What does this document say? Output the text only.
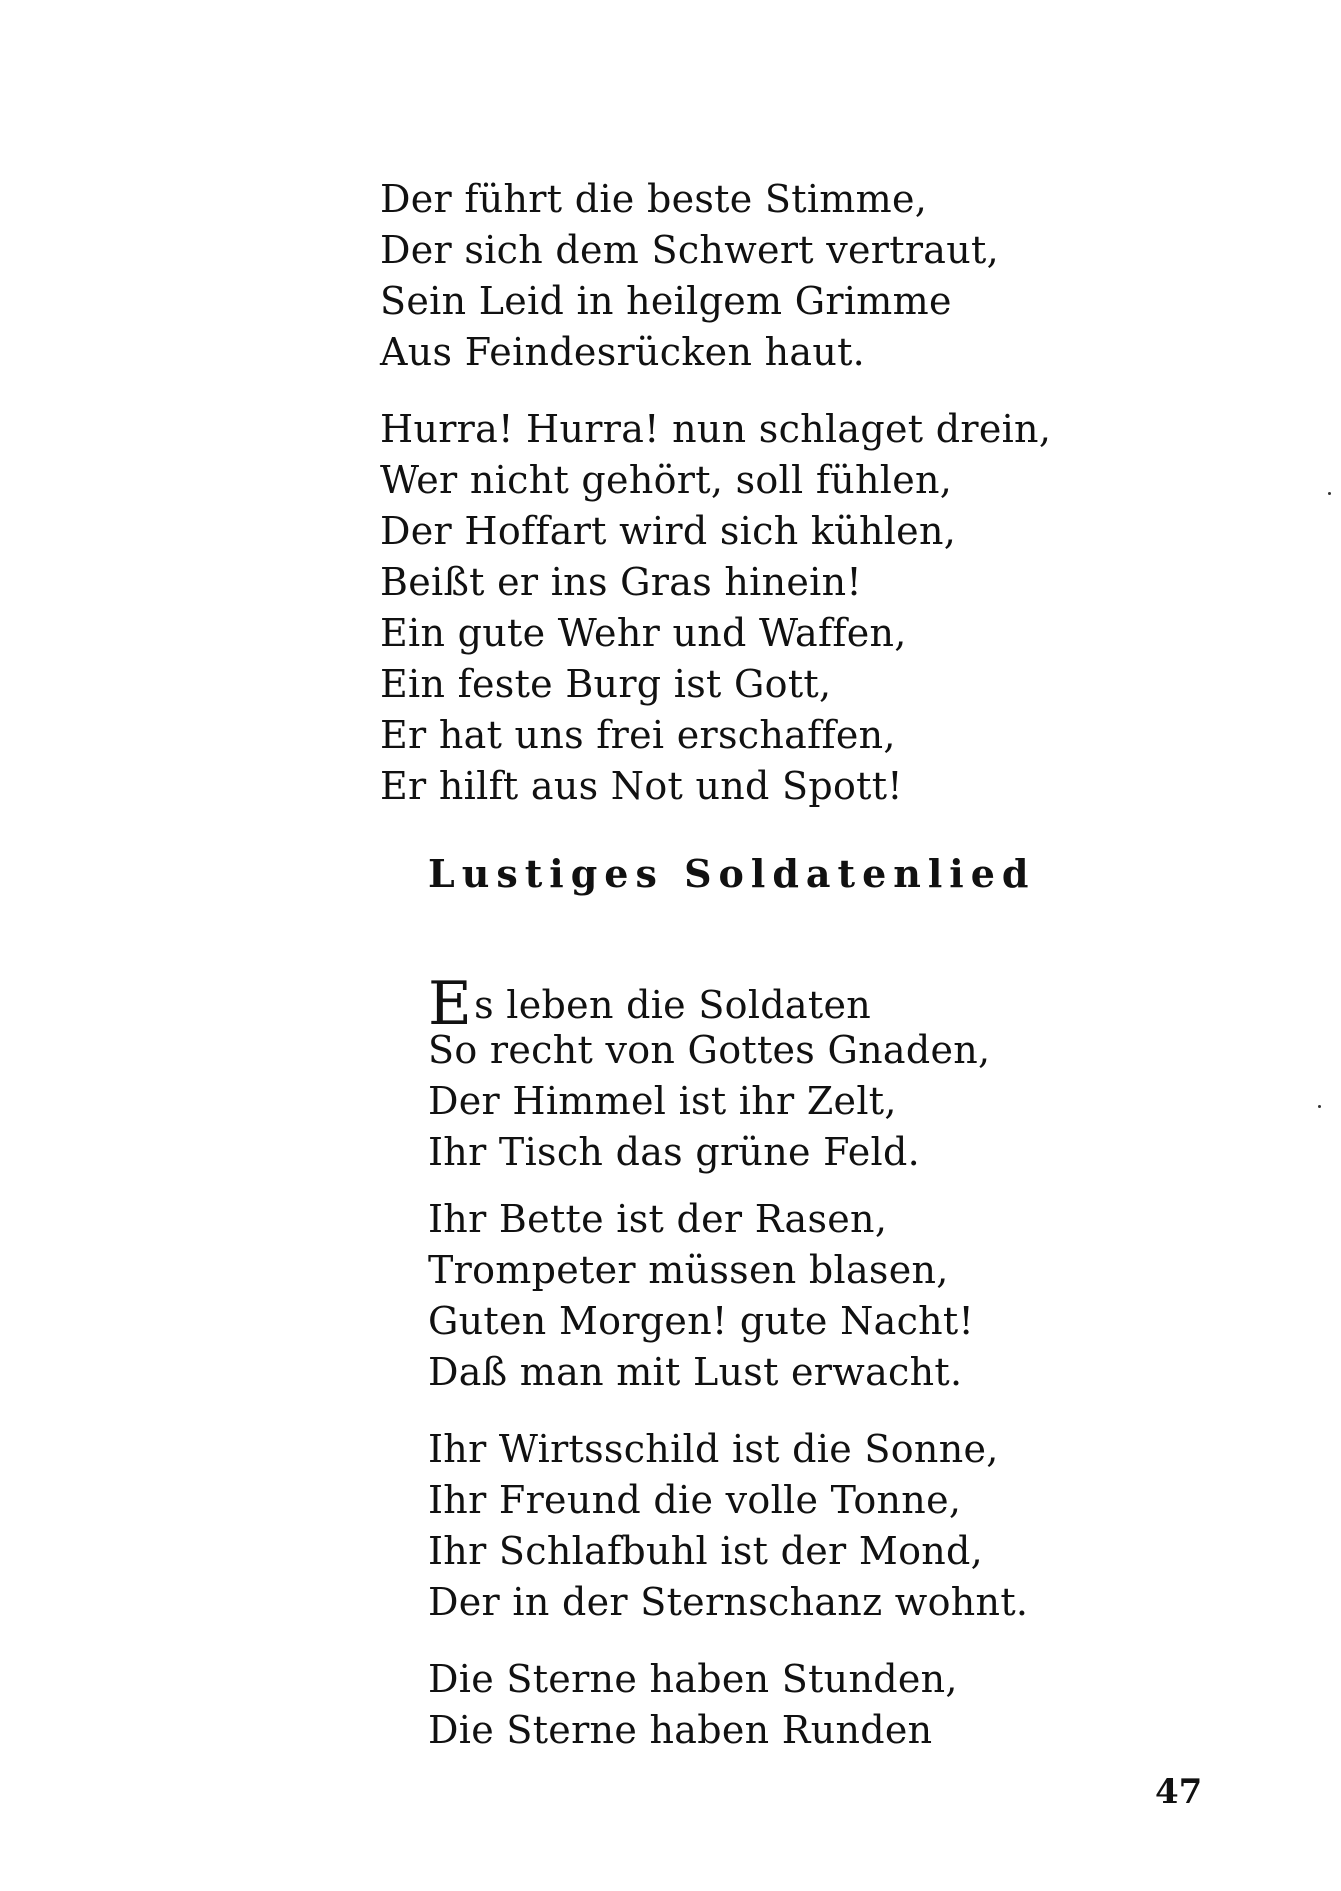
Der führt die beste Stimme,
Der sich dem Schwert vertraut,
Sein Leid in heilgem Grimme
Aus Feindesrücken haut.
Hurra! Hurra! nun schlaget drein,
Wer nicht gehört, soll fühlen,
Der Hoffart wird sich kühlen,
Beißt er ins Gras hinein!
Ein gute Wehr und Waffen,
Ein feste Burg ist Gott,
Er hat uns frei erschaffen,
Er hilft aus Not und Spott!
Lustiges Soldatenlied
Es leben die Soldaten
So recht von Gottes Gnaden,
Der Himmel ist ihr Zelt,
Ihr Tisch das grüne Feld.
Ihr Bette ist der Rasen,
Trompeter müssen blasen,
Guten Morgen! gute Nacht!
Daß man mit Lust erwacht.
Ihr Wirtsschild ist die Sonne,
Ihr Freund die volle Tonne,
Ihr Schlafbuhl ist der Mond,
Der in der Sternschanz wohnt.
Die Sterne haben Stunden,
Die Sterne haben Runden
47
